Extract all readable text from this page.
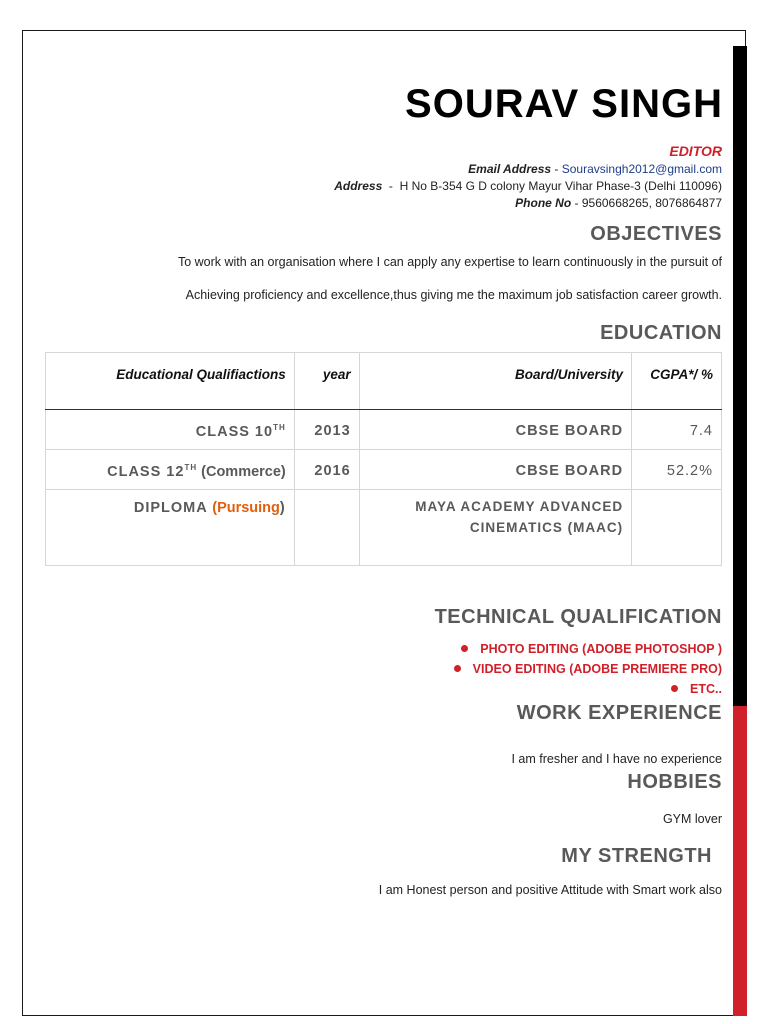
SOURAV SINGH
EDITOR
Email Address - Souravsingh2012@gmail.com
Address  -  H No B-354 G D colony Mayur Vihar Phase-3 (Delhi 110096)
Phone No - 9560668265, 8076864877
OBJECTIVES
To work with an organisation where I can apply any expertise to learn continuously in the pursuit of
Achieving proficiency and excellence,thus giving me the maximum job satisfaction career growth.
EDUCATION
Educational Qualifiactions	year	Board/University	CGPA*/ %
CLASS 10TH	2013	CBSE BOARD	7.4
CLASS 12TH (Commerce)	2016	CBSE BOARD	52.2%
DIPLOMA (Pursuing)		MAYA ACADEMY ADVANCED CINEMATICS (MAAC)	
TECHNICAL QUALIFICATION
PHOTO EDITING (ADOBE PHOTOSHOP )
VIDEO EDITING (ADOBE PREMIERE PRO)
ETC..
WORK EXPERIENCE
I am fresher and I have no experience
HOBBIES
GYM lover
MY STRENGTH
I am Honest person and positive Attitude with Smart work also
